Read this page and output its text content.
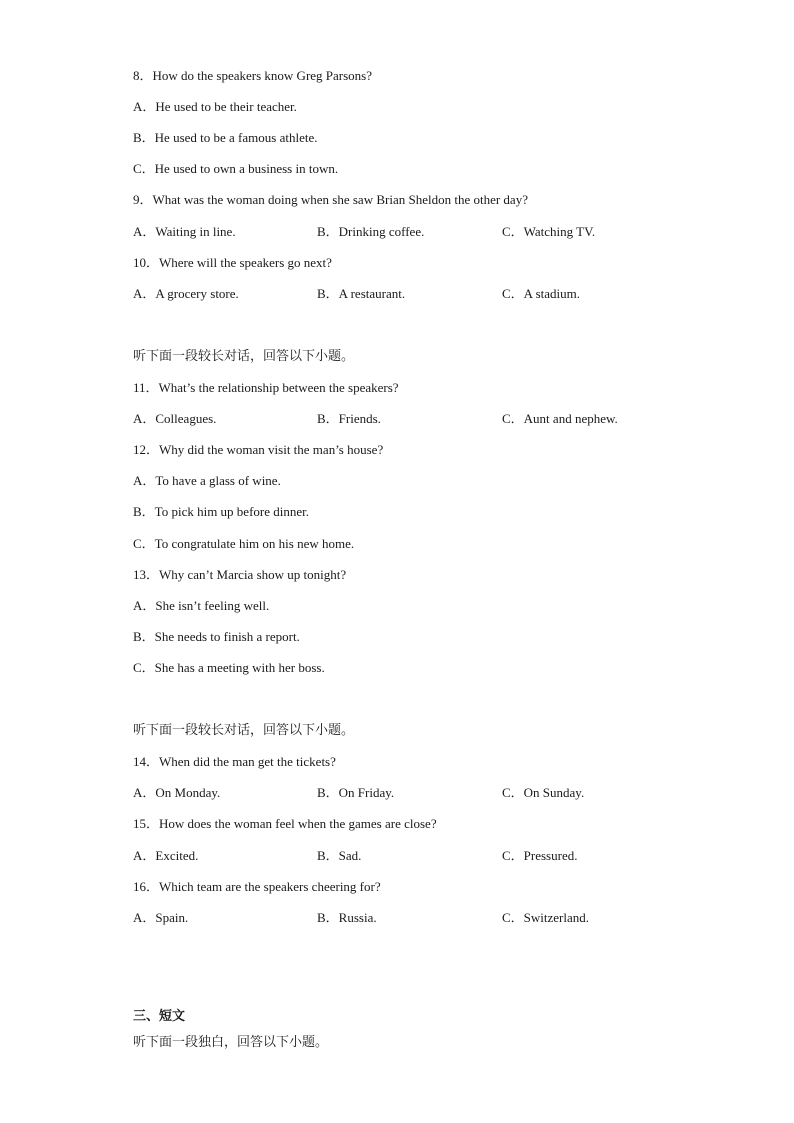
8．How do the speakers know Greg Parsons?
A．He used to be their teacher.
B．He used to be a famous athlete.
C．He used to own a business in town.
9．What was the woman doing when she saw Brian Sheldon the other day?
A．Waiting in line.	B．Drinking coffee.	C．Watching TV.
10．Where will the speakers go next?
A．A grocery store.	B．A restaurant.	C．A stadium.
听下面一段较长对话，回答以下小题。
11．What’s the relationship between the speakers?
A．Colleagues.	B．Friends.	C．Aunt and nephew.
12．Why did the woman visit the man’s house?
A．To have a glass of wine.
B．To pick him up before dinner.
C．To congratulate him on his new home.
13．Why can’t Marcia show up tonight?
A．She isn’t feeling well.
B．She needs to finish a report.
C．She has a meeting with her boss.
听下面一段较长对话，回答以下小题。
14．When did the man get the tickets?
A．On Monday.	B．On Friday.	C．On Sunday.
15．How does the woman feel when the games are close?
A．Excited.	B．Sad.	C．Pressured.
16．Which team are the speakers cheering for?
A．Spain.	B．Russia.	C．Switzerland.
三、短文
听下面一段独白，回答以下小题。
